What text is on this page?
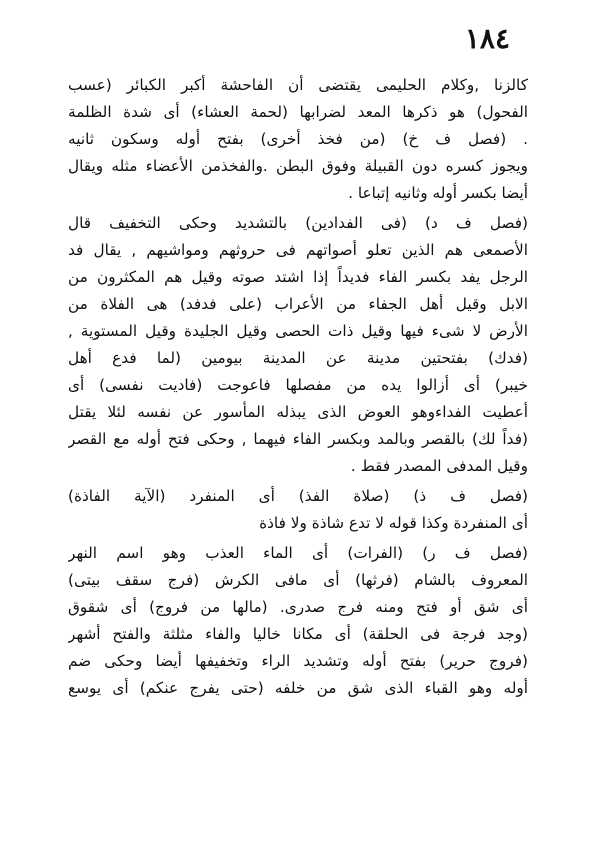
١٨٤
كالزنا ,وكلام الحليمى يقتضى أن الفاحشة أكبر الكبائر (عسب
الفحول) هو ذكرها المعد لضرابها (لحمة العشاء) أى شدة الظلمة
. (فصل ف خ) (من فخذ أخرى) بفتح أوله وسكون ثانيه
ويجوز كسره دون القبيلة وفوق البطن .والفخذمن الأعضاء مثله ويقال
أيضا بكسر أوله وثانيه إتباعا .
(فصل ف د) (فى الفدادين) بالتشديد وحكى التخفيف قال
الأصمعى هم الذين تعلو أصواتهم فى حروثهم ومواشيهم , يقال فد
الرجل يفد بكسر الفاء فديداً إذا اشتد صوته وقيل هم المكثرون من
الابل وقيل أهل الجفاء من الأعراب (على فدفد) هى الفلاة من
الأرض لا شىء فيها وقيل ذات الحصى وقيل الجليدة وقيل المستوية ,
(فدك) بفتحتين مدينة عن المدينة بيومين (لما فدع أهل
خيبر) أى أزالوا يده من مفصلها فاعوجت (فاديت نفسى) أى
أعطيت الفداءوهو العوض الذى يبذله المأسور عن نفسه لئلا يقتل
(فداً لك) بالقصر وبالمد وبكسر الفاء فيهما , وحكى فتح أوله مع القصر
وقيل المدفى المصدر فقط .
(فصل ف ذ) (صلاة الفذ) أى المنفرد (الآية الفاذة)
أى المنفردة وكذا قوله لا تدع شاذة ولا فاذة
(فصل ف ر) (الفرات) أى الماء العذب وهو اسم النهر
المعروف بالشام (فرثها) أى مافى الكرش (فرج سقف بيتى)
أى شق أو فتح ومنه فرج صدرى. (مالها من فروج) أى شقوق
(وجد فرجة فى الحلقة) أى مكانا خاليا والفاء مثلثة والفتح أشهر
(فروج حرير) بفتح أوله وتشديد الراء وتخفيفها أيضا وحكى ضم
أوله وهو القباء الذى شق من خلفه (حتى يفرج عنكم) أى يوسع
